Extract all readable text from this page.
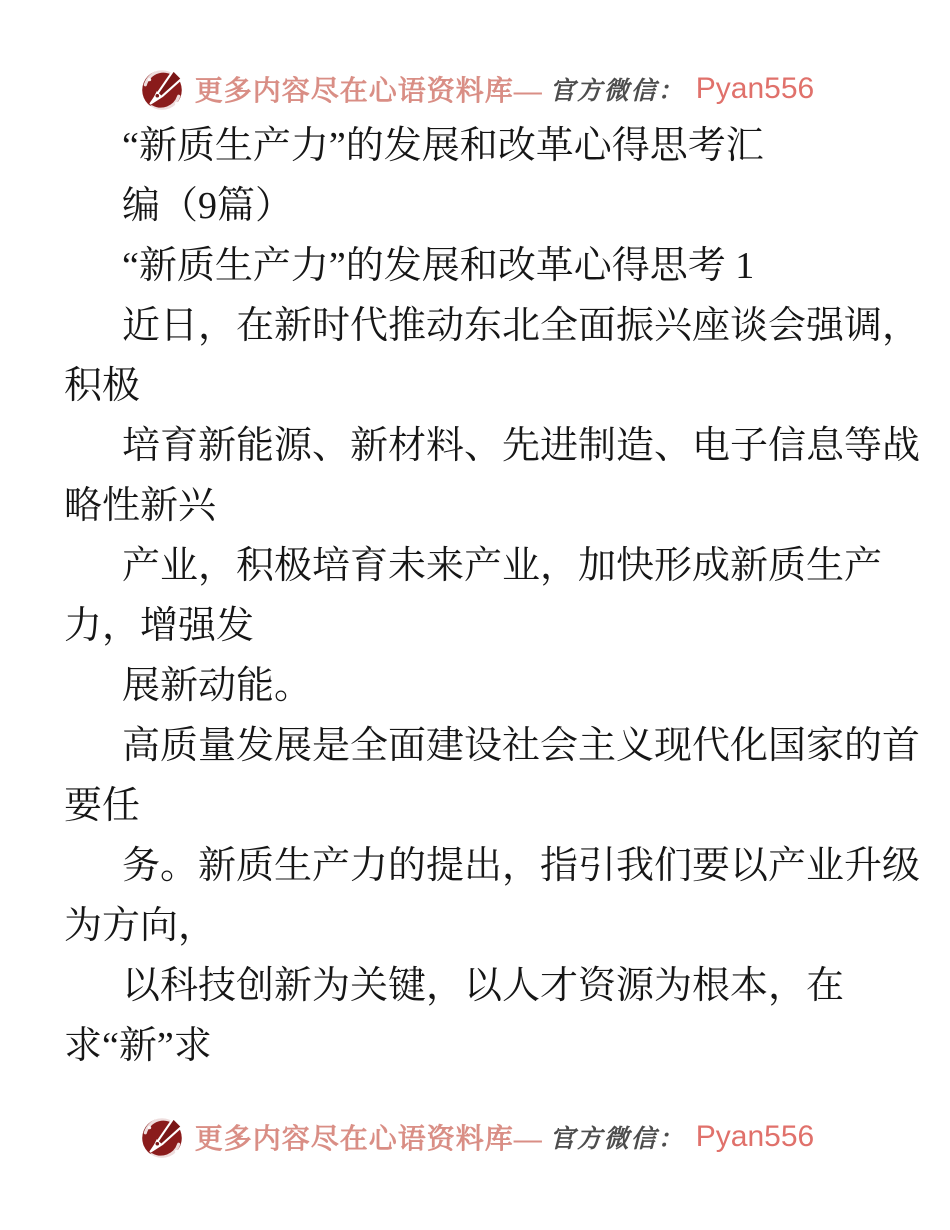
更多内容尽在心语资料库— 官方微信： Pyan556
“新质生产力”的发展和改革心得思考汇
编（9篇）
“新质生产力”的发展和改革心得思考 1
近日，在新时代推动东北全面振兴座谈会强调，
积极
培育新能源、新材料、先进制造、电子信息等战
略性新兴
产业，积极培育未来产业，加快形成新质生产
力，增强发
展新动能。
高质量发展是全面建设社会主义现代化国家的首
要任
务。新质生产力的提出，指引我们要以产业升级
为方向，
以科技创新为关键，以人才资源为根本，在
求“新”求
更多内容尽在心语资料库— 官方微信： Pyan556
